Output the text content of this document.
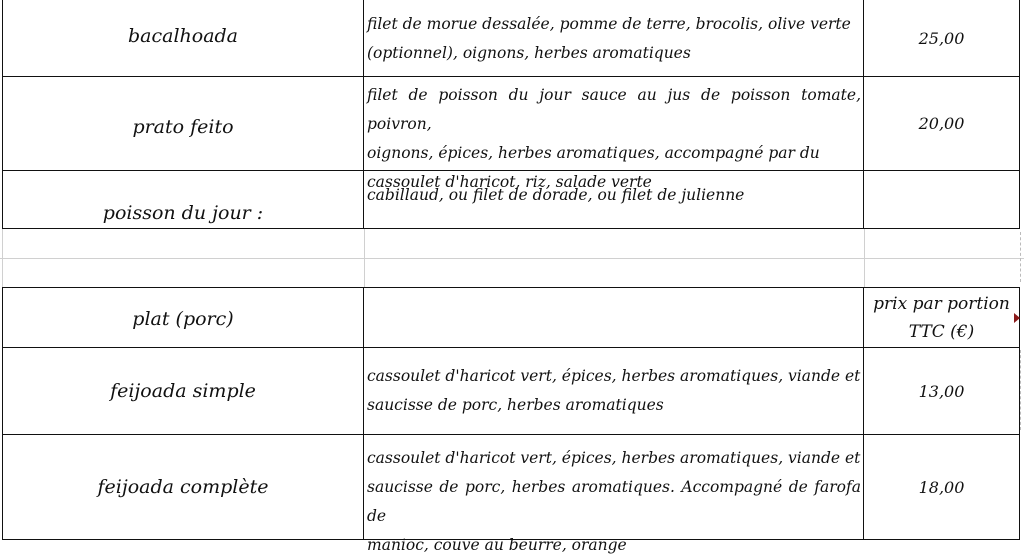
bacalhoada
filet de morue dessalée, pomme de terre, brocolis, olive verte
(optionnel), oignons, herbes aromatiques
25,00
prato feito
filet de poisson du jour sauce au jus de poisson tomate, poivron,
oignons, épices, herbes aromatiques, accompagné par du
cassoulet d'haricot, riz, salade verte
20,00
poisson du jour :
cabillaud, ou filet de dorade, ou filet de julienne
plat (porc)
prix par portion
TTC (€)
feijoada simple
cassoulet d'haricot vert, épices, herbes aromatiques, viande et
saucisse de porc, herbes aromatiques
13,00
feijoada complète
cassoulet d'haricot vert, épices, herbes aromatiques, viande et
saucisse de porc, herbes aromatiques. Accompagné de farofa de
manioc, couve au beurre, orange
18,00
